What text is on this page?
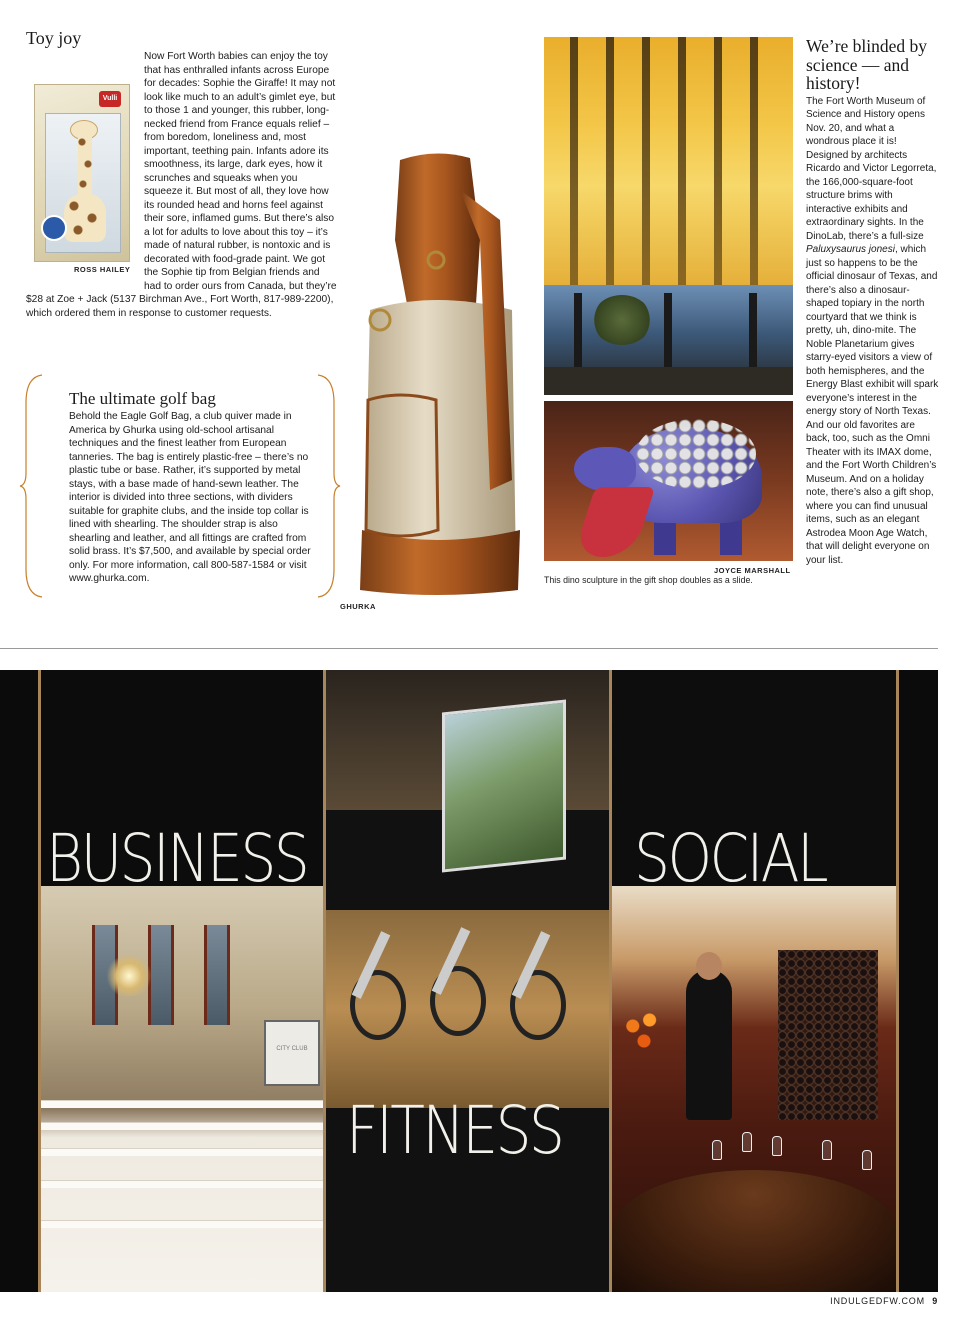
Toy joy
Vulli
ROSS HAILEY

Now Fort Worth babies can enjoy the toy that has enthralled infants across Europe for decades: Sophie the Giraffe! It may not look like much to an adult’s gimlet eye, but to those 1 and younger, this rubber, long-necked friend from France equals relief – from boredom, loneliness and, most important, teething pain. Infants adore its smoothness, its large, dark eyes, how it scrunches and squeaks when you squeeze it. But most of all, they love how its rounded head and horns feel against their sore, inflamed gums. But there’s also a lot for adults to love about this toy – it’s made of natural rubber, is nontoxic and is decorated with food-grade paint. We got the Sophie tip from Belgian friends and had to order ours from Canada, but they’re $28 at Zoe + Jack (5137 Birchman Ave., Fort Worth, 817-989-2200), which ordered them in response to customer requests.

GHURKA
The ultimate golf bag

Behold the Eagle Golf Bag, a club quiver made in America by Ghurka using old-school artisanal techniques and the finest leather from European tanneries. The bag is entirely plastic-free – there’s no plastic tube or base. Rather, it’s supported by metal stays, with a base made of hand-sewn leather. The interior is divided into three sections, with dividers suitable for graphite clubs, and the inside top collar is lined with shearling. The shoulder strap is also shearling and leather, and all fittings are crafted from solid brass. It’s $7,500, and available by special order only. For more information, call 800-587-1584 or visit www.ghurka.com.

JOYCE MARSHALL

This dino sculpture in the gift shop doubles as a slide.

We’re blinded by science — and history!

The Fort Worth Museum of Science and History opens Nov. 20, and what a wondrous place it is! Designed by architects Ricardo and Victor Legorreta, the 166,000-square-foot structure brims with interactive exhibits and extraordinary sights. In the DinoLab, there’s a full-size Paluxysaurus jonesi, which just so happens to be the official dinosaur of Texas, and there’s also a dinosaur-shaped topiary in the north courtyard that we think is pretty, uh, dino-mite. The Noble Planetarium gives starry-eyed visitors a view of both hemispheres, and the Energy Blast exhibit will spark everyone’s interest in the energy story of North Texas. And our old favorites are back, too, such as the Omni Theater with its IMAX dome, and the Fort Worth Children’s Museum. And on a holiday note, there’s also a gift shop, where you can find unusual items, such as an elegant Astrodea Moon Age Watch, that will delight everyone on your list.

CITY CLUB
BUSINESS	SOCIAL
FITNESS
INDULGEDFW.COM 9
